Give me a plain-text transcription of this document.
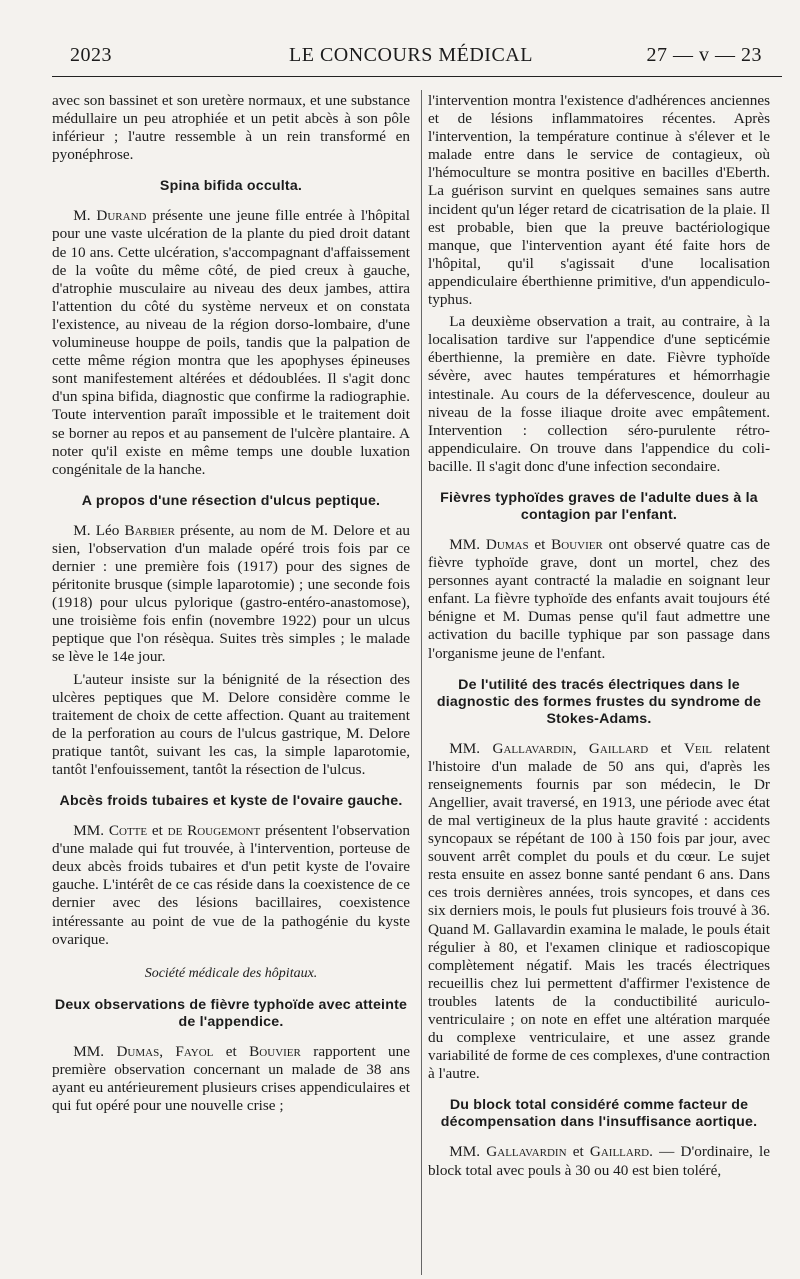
2023	LE CONCOURS MÉDICAL	27 — v — 23

avec son bassinet et son uretère normaux, et une substance médullaire un peu atrophiée et un petit abcès à son pôle inférieur ; l'autre ressemble à un rein transformé en pyonéphrose.

Spina bifida occulta.

M. Durand présente une jeune fille entrée à l'hôpital pour une vaste ulcération de la plante du pied droit datant de 10 ans. Cette ulcération, s'accompagnant d'affaissement de la voûte du même côté, de pied creux à gauche, d'atrophie musculaire au niveau des deux jambes, attira l'attention du côté du système nerveux et on constata l'existence, au niveau de la région dorso-lombaire, d'une volumineuse houppe de poils, tandis que la palpation de cette même région montra que les apophyses épineuses sont manifestement altérées et dédoublées. Il s'agit donc d'un spina bifida, diagnostic que confirme la radiographie. Toute intervention paraît impossible et le traitement doit se borner au repos et au pansement de l'ulcère plantaire. A noter qu'il existe en même temps une double luxation congénitale de la hanche.

A propos d'une résection d'ulcus peptique.

M. Léo Barbier présente, au nom de M. Delore et au sien, l'observation d'un malade opéré trois fois par ce dernier : une première fois (1917) pour des signes de péritonite brusque (simple laparotomie) ; une seconde fois (1918) pour ulcus pylorique (gastro-entéro-anastomose), une troisième fois enfin (novembre 1922) pour un ulcus peptique que l'on résèqua. Suites très simples ; le malade se lève le 14e jour.

L'auteur insiste sur la bénignité de la résection des ulcères peptiques que M. Delore considère comme le traitement de choix de cette affection. Quant au traitement de la perforation au cours de l'ulcus gastrique, M. Delore pratique tantôt, suivant les cas, la simple laparotomie, tantôt l'enfouissement, tantôt la résection de l'ulcus.

Abcès froids tubaires et kyste de l'ovaire gauche.

MM. Cotte et de Rougemont présentent l'observation d'une malade qui fut trouvée, à l'intervention, porteuse de deux abcès froids tubaires et d'un petit kyste de l'ovaire gauche. L'intérêt de ce cas réside dans la coexistence de ce dernier avec des lésions bacillaires, coexistence intéressante au point de vue de la pathogénie du kyste ovarique.

Société médicale des hôpitaux.
Deux observations de fièvre typhoïde avec atteinte de l'appendice.

MM. Dumas, Fayol et Bouvier rapportent une première observation concernant un malade de 38 ans ayant eu antérieurement plusieurs crises appendiculaires et qui fut opéré pour une nouvelle crise ;

l'intervention montra l'existence d'adhérences anciennes et de lésions inflammatoires récentes. Après l'intervention, la température continue à s'élever et le malade entre dans le service de contagieux, où l'hémoculture se montra positive en bacilles d'Eberth. La guérison survint en quelques semaines sans autre incident qu'un léger retard de cicatrisation de la plaie. Il est probable, bien que la preuve bactériologique manque, que l'intervention ayant été faite hors de l'hôpital, qu'il s'agissait d'une localisation appendiculaire éberthienne primitive, d'un appendiculo-typhus.

La deuxième observation a trait, au contraire, à la localisation tardive sur l'appendice d'une septicémie éberthienne, la première en date. Fièvre typhoïde sévère, avec hautes températures et hémorrhagie intestinale. Au cours de la défervescence, douleur au niveau de la fosse iliaque droite avec empâtement. Intervention : collection séro-purulente rétro-appendiculaire. On trouve dans l'appendice du coli-bacille. Il s'agit donc d'une infection secondaire.

Fièvres typhoïdes graves de l'adulte dues à la contagion par l'enfant.

MM. Dumas et Bouvier ont observé quatre cas de fièvre typhoïde grave, dont un mortel, chez des personnes ayant contracté la maladie en soignant leur enfant. La fièvre typhoïde des enfants avait toujours été bénigne et M. Dumas pense qu'il faut admettre une activation du bacille typhique par son passage dans l'organisme jeune de l'enfant.

De l'utilité des tracés électriques dans le diagnostic des formes frustes du syndrome de Stokes-Adams.

MM. Gallavardin, Gaillard et Veil relatent l'histoire d'un malade de 50 ans qui, d'après les renseignements fournis par son médecin, le Dr Angellier, avait traversé, en 1913, une période avec état de mal vertigineux de la plus haute gravité : accidents syncopaux se répétant de 100 à 150 fois par jour, avec souvent arrêt complet du pouls et du cœur. Le sujet resta ensuite en assez bonne santé pendant 6 ans. Dans ces trois dernières années, trois syncopes, et dans ces six derniers mois, le pouls fut plusieurs fois trouvé à 36. Quand M. Gallavardin examina le malade, le pouls était régulier à 80, et l'examen clinique et radioscopique complètement négatif. Mais les tracés électriques recueillis chez lui permettent d'affirmer l'existence de troubles latents de la conductibilité auriculo-ventriculaire ; on note en effet une altération marquée du complexe ventriculaire, et une assez grande variabilité de forme de ces complexes, d'une contraction à l'autre.

Du block total considéré comme facteur de décompensation dans l'insuffisance aortique.

MM. Gallavardin et Gaillard. — D'ordinaire, le block total avec pouls à 30 ou 40 est bien toléré,
